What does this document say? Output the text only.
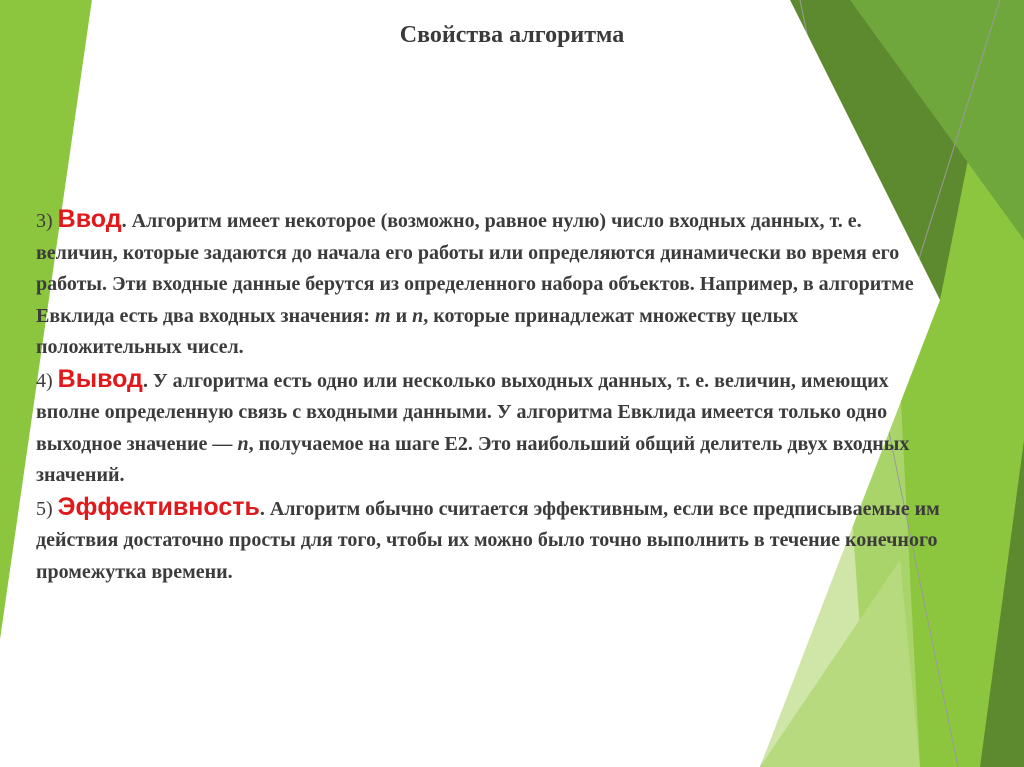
Свойства алгоритма

3) Ввод. Алгоритм имеет некоторое (возможно, равное нулю) число входных данных, т. е. величин, которые задаются до начала его работы или определяются динамически во время его работы. Эти входные данные берутся из определенного набора объектов. Например, в алгоритме Евклида есть два входных значения: m и n, которые принадлежат множеству целых положительных чисел.

4) Вывод. У алгоритма есть одно или несколько выходных данных, т. е. величин, имеющих вполне определенную связь с входными данными. У алгоритма Евклида имеется только одно выходное значение — n, получаемое на шаге E2. Это наибольший общий делитель двух входных значений.

5) Эффективность. Алгоритм обычно считается эффективным, если все предписываемые им действия достаточно просты для того, чтобы их можно было точно выполнить в течение конечного промежутка времени.
